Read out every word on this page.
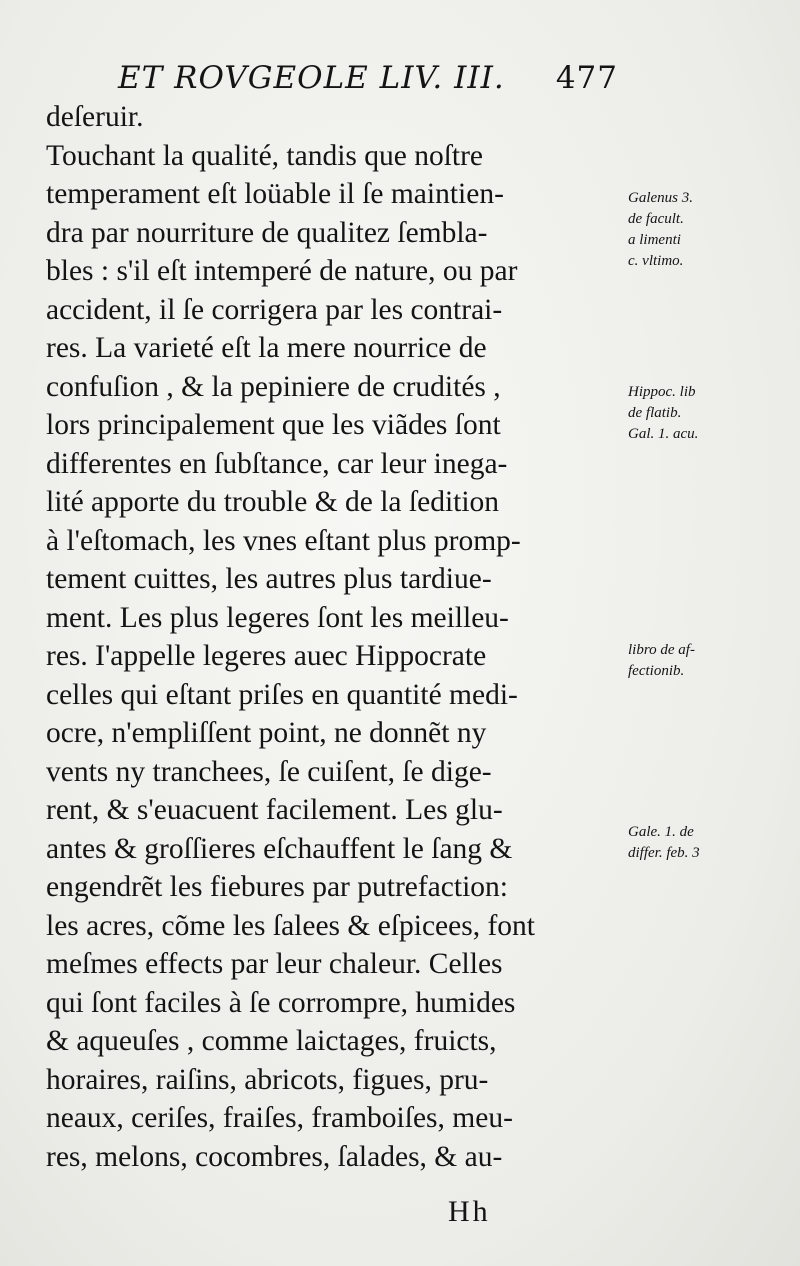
ET ROVGEOLE LIV. III. 477
deſeruir.
Touchant la qualité, tandis que noſtre
temperament eſt loüable il ſe maintien-
dra par nourriture de qualitez ſembla-
bles : s'il eſt intemperé de nature, ou par
accident, il ſe corrigera par les contrai-
res. La varieté eſt la mere nourrice de
confuſion , & la pepiniere de crudités ,
lors principalement que les viãdes ſont
differentes en ſubſtance, car leur inega-
lité apporte du trouble & de la ſedition
à l'eſtomach, les vnes eſtant plus promp-
tement cuittes, les autres plus tardiue-
ment. Les plus legeres ſont les meilleu-
res. I'appelle legeres auec Hippocrate
celles qui eſtant priſes en quantité medi-
ocre, n'empliſſent point, ne donnẽt ny
vents ny tranchees, ſe cuiſent, ſe dige-
rent, & s'euacuent facilement. Les glu-
antes & groſſieres eſchauffent le ſang &
engendrẽt les fiebures par putrefaction:
les acres, cõme les ſalees & eſpicees, font
meſmes effects par leur chaleur. Celles
qui ſont faciles à ſe corrompre, humides
& aqueuſes , comme laictages, fruicts,
horaires, raiſins, abricots, figues, pru-
neaux, ceriſes, fraiſes, framboiſes, meu-
res, melons, cocombres, ſalades, & au-
Galenus 3.
de facult.
a limenti
c. vltimo.
Hippoc. lib
de flatib.
Gal. 1. acu.
libro de af-
fectionib.
Gale. 1. de
differ. feb. 3
Hh
